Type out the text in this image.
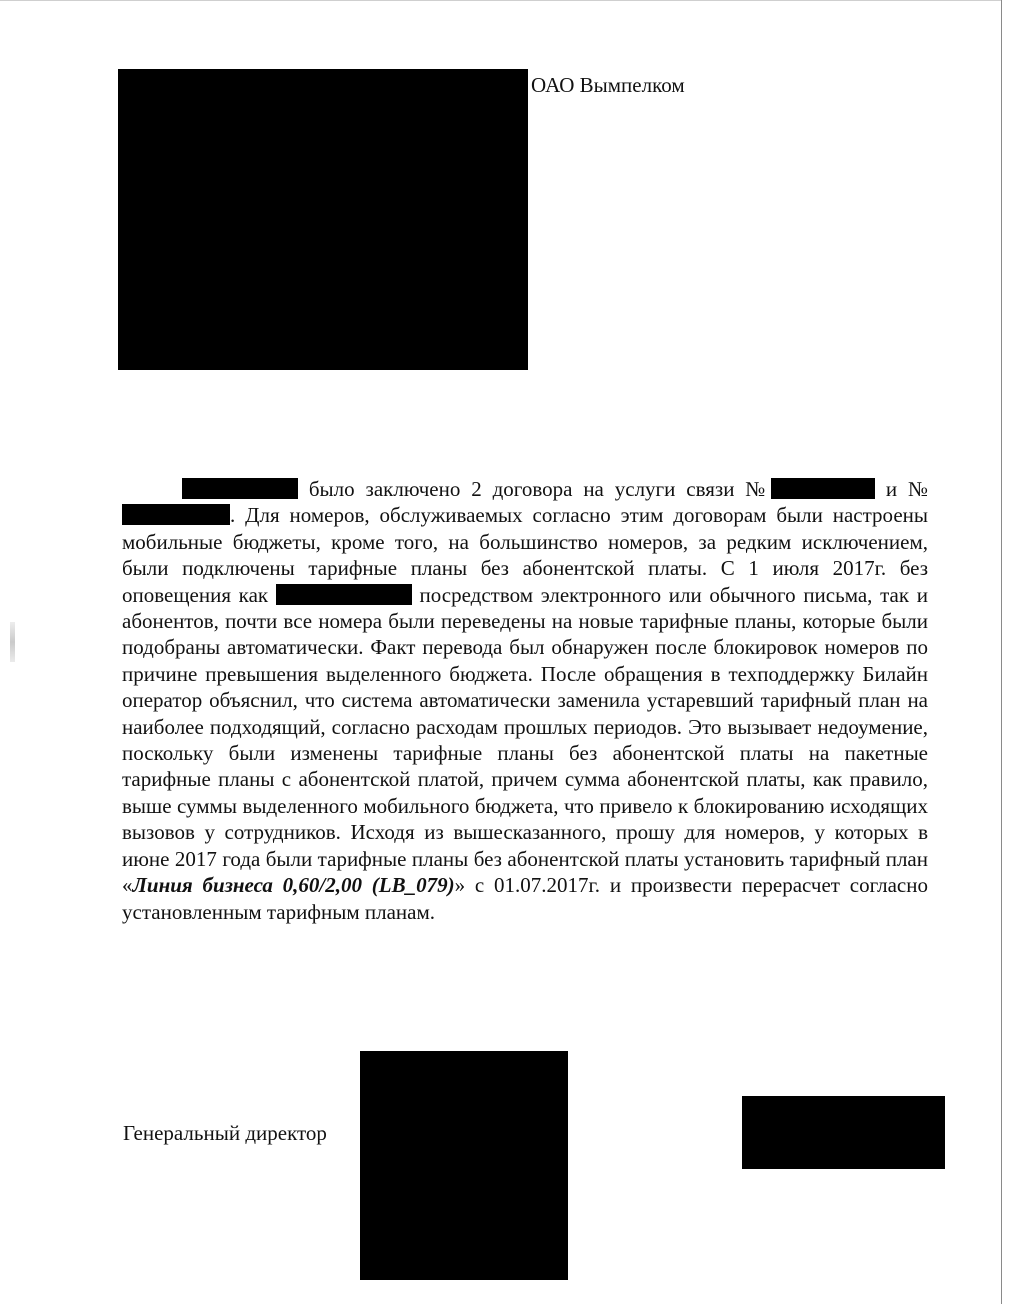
ОАО Вымпелком

было заключено 2 договора на услуги связи №	и №. Для номеров, обслуживаемых согласно этим договорам были настроены мобильные бюджеты, кроме того, на большинство номеров, за редким исключением, были подключены тарифные планы без абонентской платы. С 1 июля 2017г. без оповещения как	посредством электронного или обычного письма, так и абонентов, почти все номера были переведены на новые тарифные планы, которые были подобраны автоматически. Факт перевода был обнаружен после блокировок номеров по причине превышения выделенного бюджета. После обращения в техподдержку Билайн оператор объяснил, что система автоматически заменила устаревший тарифный план на наиболее подходящий, согласно расходам прошлых периодов. Это вызывает недоумение, поскольку были изменены тарифные планы без абонентской платы на пакетные тарифные планы с абонентской платой, причем сумма абонентской платы, как правило, выше суммы выделенного мобильного бюджета, что привело к блокированию исходящих вызовов у сотрудников. Исходя из вышесказанного, прошу для номеров, у которых в июне 2017 года были тарифные планы без абонентской платы установить тарифный план «Линия бизнеса 0,60/2,00 (LB_079)» с 01.07.2017г. и произвести перерасчет согласно установленным тарифным планам.

Генеральный директор
